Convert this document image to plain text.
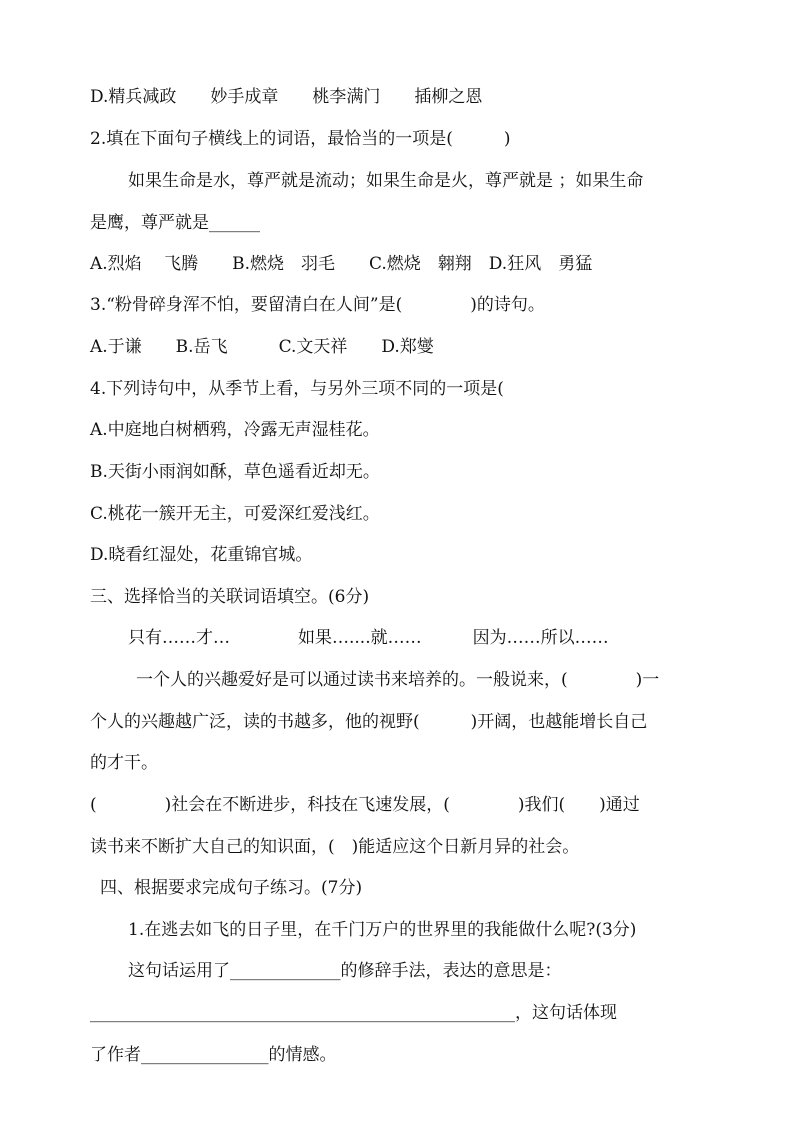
D.精兵减政　　妙手成章　　桃李满门　　插柳之恩
2.填在下面句子横线上的词语，最恰当的一项是(　　　)
如果生命是水，尊严就是流动；如果生命是火，尊严就是 ；如果生命
是鹰，尊严就是______
A.烈焰　 飞腾　　B.燃烧　羽毛　　C.燃烧　翱翔　D.狂风　勇猛
3.“粉骨碎身浑不怕，要留清白在人间”是(　　　　)的诗句。
A.于谦　　B.岳飞　　　C.文天祥　　D.郑燮
4.下列诗句中，从季节上看，与另外三项不同的一项是(
A.中庭地白树栖鸦，冷露无声湿桂花。
B.天街小雨润如酥，草色遥看近却无。
C.桃花一簇开无主，可爱深红爱浅红。
D.晓看红湿处，花重锦官城。
三、选择恰当的关联词语填空。(6分)
只有……才…　　　　如果…....就……　　　因为……所以……
一个人的兴趣爱好是可以通过读书来培养的。一般说来，(　　　　)一
个人的兴趣越广泛，读的书越多，他的视野(　　　)开阔，也越能增长自己
的才干。
(　　　　)社会在不断进步，科技在飞速发展，(　　　　)我们(　　)通过
读书来不断扩大自己的知识面，(　)能适应这个日新月异的社会。
四、根据要求完成句子练习。(7分)
1.在逃去如飞的日子里，在千门万户的世界里的我能做什么呢?(3分)
这句话运用了_____________的修辞手法，表达的意思是：
__________________________________________________，这句话体现
了作者_______________的情感。
